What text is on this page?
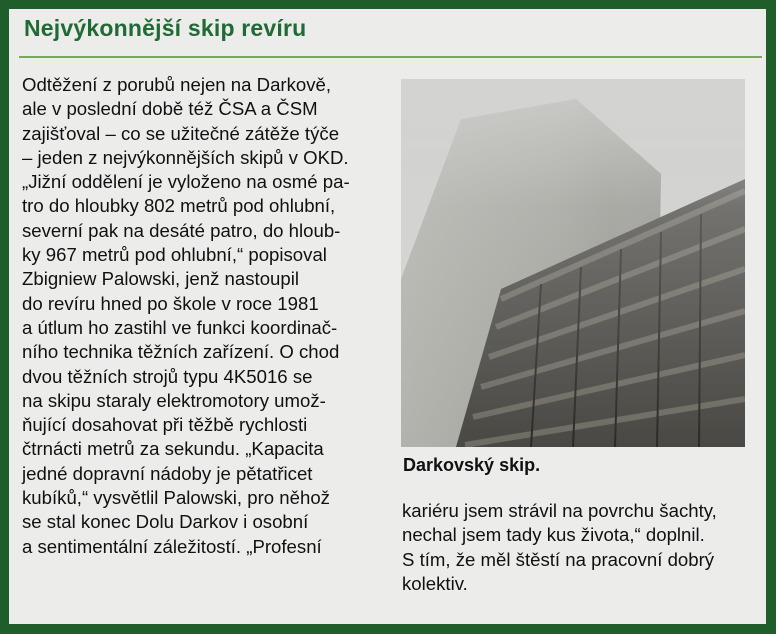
Nejvýkonnější skip revíru
Odtěžení z porubů nejen na Darkově,
ale v poslední době též ČSA a ČSM
zajišťoval – co se užitečné zátěže týče
– jeden z nejvýkonnějších skipů v OKD.
„Jižní oddělení je vyloženo na osmé pa-
tro do hloubky 802 metrů pod ohlubní,
severní pak na desáté patro, do hloub-
ky 967 metrů pod ohlubní,“ popisoval
Zbigniew Palowski, jenž nastoupil
do revíru hned po škole v roce 1981
a útlum ho zastihl ve funkci koordinač-
ního technika těžních zařízení. O chod
dvou těžních strojů typu 4K5016 se
na skipu staraly elektromotory umož-
ňující dosahovat při těžbě rychlosti
čtrnácti metrů za sekundu. „Kapacita
jedné dopravní nádoby je pětatřicet
kubíků,“ vysvětlil Palowski, pro něhož
se stal konec Dolu Darkov i osobní
a sentimentální záležitostí. „Profesní
Darkovský skip.
kariéru jsem strávil na povrchu šachty,
nechal jsem tady kus života,“ doplnil.
S tím, že měl štěstí na pracovní dobrý
kolektiv.
